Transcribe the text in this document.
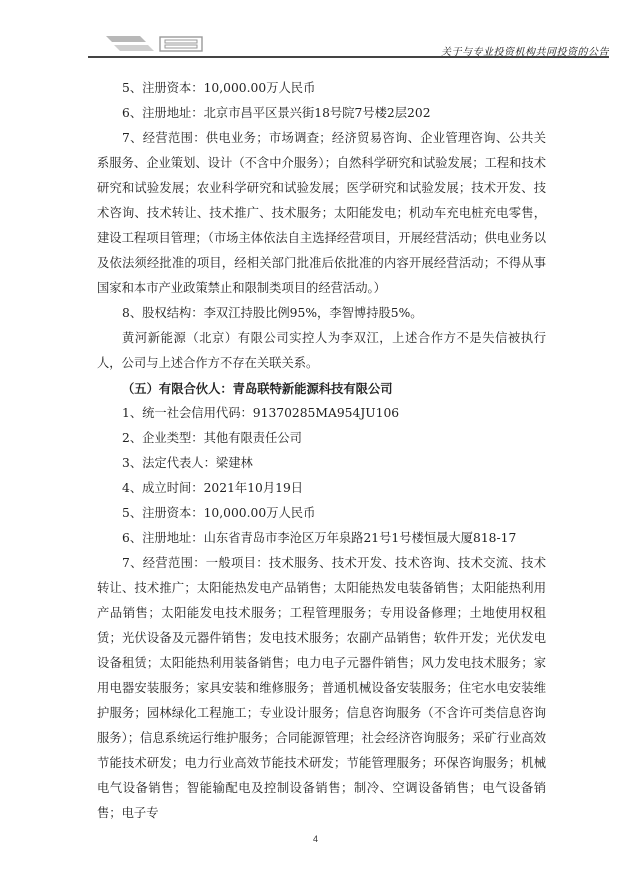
关于与专业投资机构共同投资的公告

5、注册资本：10,000.00万人民币

6、注册地址：北京市昌平区景兴街18号院7号楼2层202

7、经营范围：供电业务；市场调查；经济贸易咨询、企业管理咨询、公共关系服务、企业策划、设计（不含中介服务）；自然科学研究和试验发展；工程和技术研究和试验发展；农业科学研究和试验发展；医学研究和试验发展；技术开发、技术咨询、技术转让、技术推广、技术服务；太阳能发电；机动车充电桩充电零售，建设工程项目管理；（市场主体依法自主选择经营项目，开展经营活动；供电业务以及依法须经批准的项目，经相关部门批准后依批准的内容开展经营活动；不得从事国家和本市产业政策禁止和限制类项目的经营活动。）

8、股权结构：李双江持股比例95%，李智博持股5%。

黄河新能源（北京）有限公司实控人为李双江，上述合作方不是失信被执行人，公司与上述合作方不存在关联关系。

（五）有限合伙人：青岛联特新能源科技有限公司

1、统一社会信用代码：91370285MA954JU106

2、企业类型：其他有限责任公司

3、法定代表人：梁建林

4、成立时间：2021年10月19日

5、注册资本：10,000.00万人民币

6、注册地址：山东省青岛市李沧区万年泉路21号1号楼恒晟大厦818-17

7、经营范围：一般项目：技术服务、技术开发、技术咨询、技术交流、技术转让、技术推广；太阳能热发电产品销售；太阳能热发电装备销售；太阳能热利用产品销售；太阳能发电技术服务；工程管理服务；专用设备修理；土地使用权租赁；光伏设备及元器件销售；发电技术服务；农副产品销售；软件开发；光伏发电设备租赁；太阳能热利用装备销售；电力电子元器件销售；风力发电技术服务；家用电器安装服务；家具安装和维修服务；普通机械设备安装服务；住宅水电安装维护服务；园林绿化工程施工；专业设计服务；信息咨询服务（不含许可类信息咨询服务）；信息系统运行维护服务；合同能源管理；社会经济咨询服务；采矿行业高效节能技术研发；电力行业高效节能技术研发；节能管理服务；环保咨询服务；机械电气设备销售；智能输配电及控制设备销售；制冷、空调设备销售；电气设备销售；电子专

4
